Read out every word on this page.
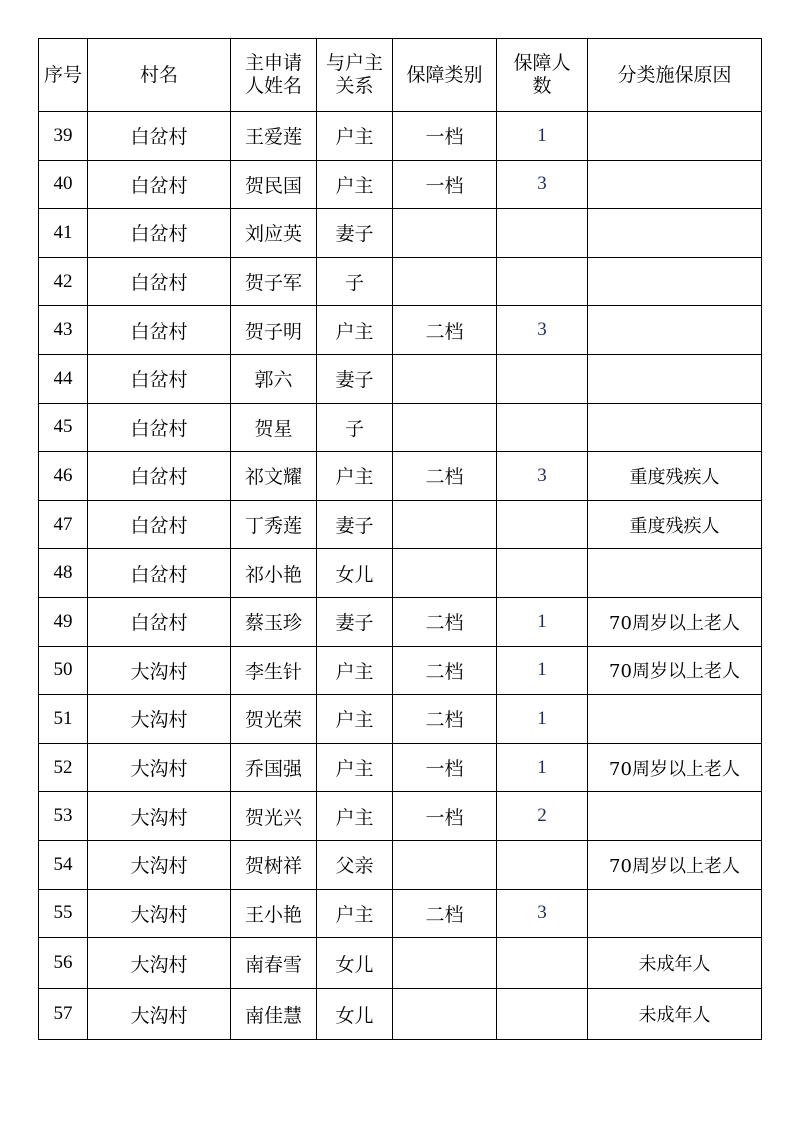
序号	村名	主申请人姓名	与户主关系	保障类别	保障人数	分类施保原因
39	白岔村	王爱莲	户主	一档	1	
40	白岔村	贺民国	户主	一档	3	
41	白岔村	刘应英	妻子			
42	白岔村	贺子军	子			
43	白岔村	贺子明	户主	二档	3	
44	白岔村	郭六	妻子			
45	白岔村	贺星	子			
46	白岔村	祁文耀	户主	二档	3	重度残疾人
47	白岔村	丁秀莲	妻子			重度残疾人
48	白岔村	祁小艳	女儿			
49	白岔村	蔡玉珍	妻子	二档	1	70周岁以上老人
50	大沟村	李生针	户主	二档	1	70周岁以上老人
51	大沟村	贺光荣	户主	二档	1	
52	大沟村	乔国强	户主	一档	1	70周岁以上老人
53	大沟村	贺光兴	户主	一档	2	
54	大沟村	贺树祥	父亲			70周岁以上老人
55	大沟村	王小艳	户主	二档	3	
56	大沟村	南春雪	女儿			未成年人
57	大沟村	南佳慧	女儿			未成年人
